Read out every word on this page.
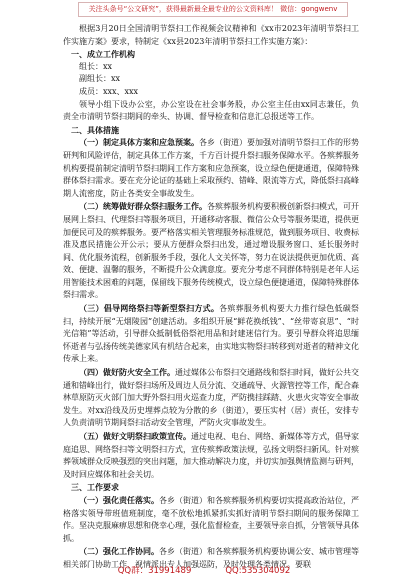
关注头条号“公文研究”，获得最新最全最专业的公文资料库！ 微信：gongwenv

根据3月20日全国清明节祭扫工作视频会议精神和《xx市2023年清明节祭扫工作实施方案》要求，特制定《xx县2023年清明节祭扫工作实施方案》：

一、成立工作机构

组长：xx

副组长：xx

成员：xxx、xxx

领导小组下设办公室，办公室设在社会事务股，办公室主任由xx同志兼任，负责全市清明节祭扫期间的牵头、协调、督导检查和信息汇总报送等工作。

二、具体措施

（一）制定具体方案和应急预案。各乡（街道）要加强对清明节祭扫工作的形势研判和风险评估，制定具体工作方案，千方百计提升祭扫服务保障水平。各殡葬服务机构要提前制定清明节祭扫期间工作方案和应急预案，设立绿色便捷通道，保障特殊群体祭扫需求。要在充分论证的基础上采取预约、错峰、限流等方式，降低祭扫高峰期人流密度，防止各类安全事故发生。

（二）统筹做好群众祭扫服务工作。各殡葬服务机构要积极创新祭扫模式，可开展网上祭扫、代理祭扫等服务项目，开通移动客服、微信公众号等服务渠道，提供更加便民可及的殡葬服务。要严格落实相关管理服务标准规范，做到服务项目、收费标准及惠民措施公开公示；要从方便群众祭扫出发，通过增设服务窗口、延长服务时间、优化服务流程，创新服务手段，强化人文关怀等，努力在说法提供更加优质、高效、便捷、温馨的服务，不断提升公众满意度。要充分考虑不同群体特别是老年人运用智能技术困难的问题，保留线下服务传统模式，设立绿色便捷通道，保障特殊群体祭扫需求。

（三）倡导网络祭扫等新型祭扫方式。各殡葬服务机构要大力推行绿色低碳祭扫，持续开展“无烟陵园”创建活动。多组织开展“鲜花换纸钱”、“丝带寄哀思”、“时光信箱”等活动，引导群众抵制低俗祭祀用品和封建迷信行为。要引导群众将追思缅怀逝者与弘扬传统美德家风有机结合起来，由实地实物祭扫转移到对逝者的精神文化传承上来。

（四）做好防火安全工作。通过媒体公布祭扫交通路线和祭扫时间，做好公共交通和错峰出行，做好祭扫场所及周边人员分流、交通疏导、火源管控等工作，配合森林草原防灭火部门加大野外祭扫用火巡查力度，严防携挂踩踏、火患火灾等安全事故发生。对xx沿线及历史埋葬点较为分散的乡（街道），要压实村（居）责任，安排专人负责清明节期间祭扫活动安全管理，严防火灾事故发生。

（五）做好文明祭扫政策宣传。通过电视、电台、网络、新媒体等方式，倡导家庭追思、网络祭扫等文明祭扫方式，宣传殡葬政策法规，弘扬文明祭扫新风。针对殡葬领域群众反映强烈的突出问题，加大推动解决力度，并切实加强舆情监测与研判，及时回应媒体和社会关切。

三、工作要求

（一）强化责任落实。各乡（街道）和各殡葬服务机构要切实提高政治站位，严格落实领导带班值班制度，毫不放松地抓紧抓实抓好清明节祭扫期间的服务保障工作。坚决克服麻痹思想和侥幸心理，强化监督检查，主要领导亲自抓，分管领导具体抓。

（二）强化工作协同。各乡（街道）和各殡葬服务机构要协调公安、城市管理等相关部门协助工作，视情派出专人加强巡防，及时处理各类情况。要联

QQ群：31991489	QQ:535304092
